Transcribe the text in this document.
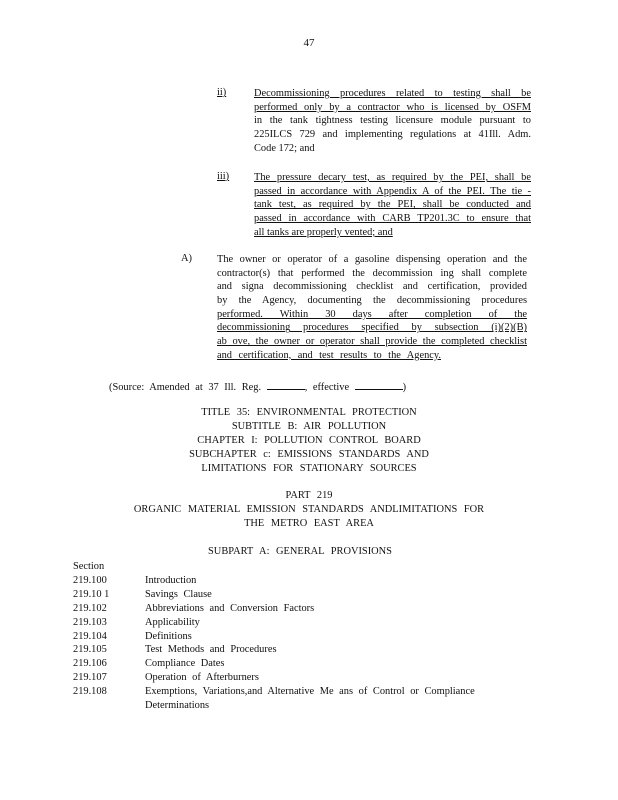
47
ii)	Decommissioning procedures related to testing shall be
performed only by a contractor who is licensed by OSFM
in the tank tightness testing licensure module pursuant to
225ILCS 729 and implementing regulations at 41Ill. Adm.
Code 172; and
iii) The pressure decary test, as required by the PEI, shall be
passed in accordance with Appendix A of the PEI. The tie -
tank test, as required by the PEI, shall be conducted and
passed in accordance with CARB TP201.3C to ensure that
all tanks are properly vented; and
A) The owner or operator of a gasoline dispensing operation and the
contractor(s) that performed the decommission ing shall complete
and signa decommissioning checklist and certification, provided
by the Agency, documenting the decommissioning procedures
performed. Within 30 days after completion of the
decommissioning procedures specified by subsection (i)(2)(B)
ab ove, the owner or operator shall provide the completed checklist
and certification, and test results to the Agency.
(Source: Amended at 37 Ill. Reg.	, effective	)
TITLE 35: ENVIRONMENTAL PROTECTION
SUBTITLE B: AIR POLLUTION
CHAPTER I: POLLUTION CONTROL BOARD
SUBCHAPTER c: EMISSIONS STANDARDS AND
LIMITATIONS FOR STATIONARY SOURCES
PART 219
ORGANIC MATERIAL EMISSION STANDARDS ANDLIMITATIONS FOR
THE METRO EAST AREA
SUBPART A: GENERAL PROVISIONS
Section
219.100	Introduction
219.10 1	Savings Clause
219.102	Abbreviations and Conversion Factors
219.103	Applicability
219.104	Definitions
219.105	Test Methods and Procedures
219.106	Compliance Dates
219.107	Operation of Afterburners
219.108	Exemptions, Variations,and Alternative Me ans of Control or Compliance
Determinations
